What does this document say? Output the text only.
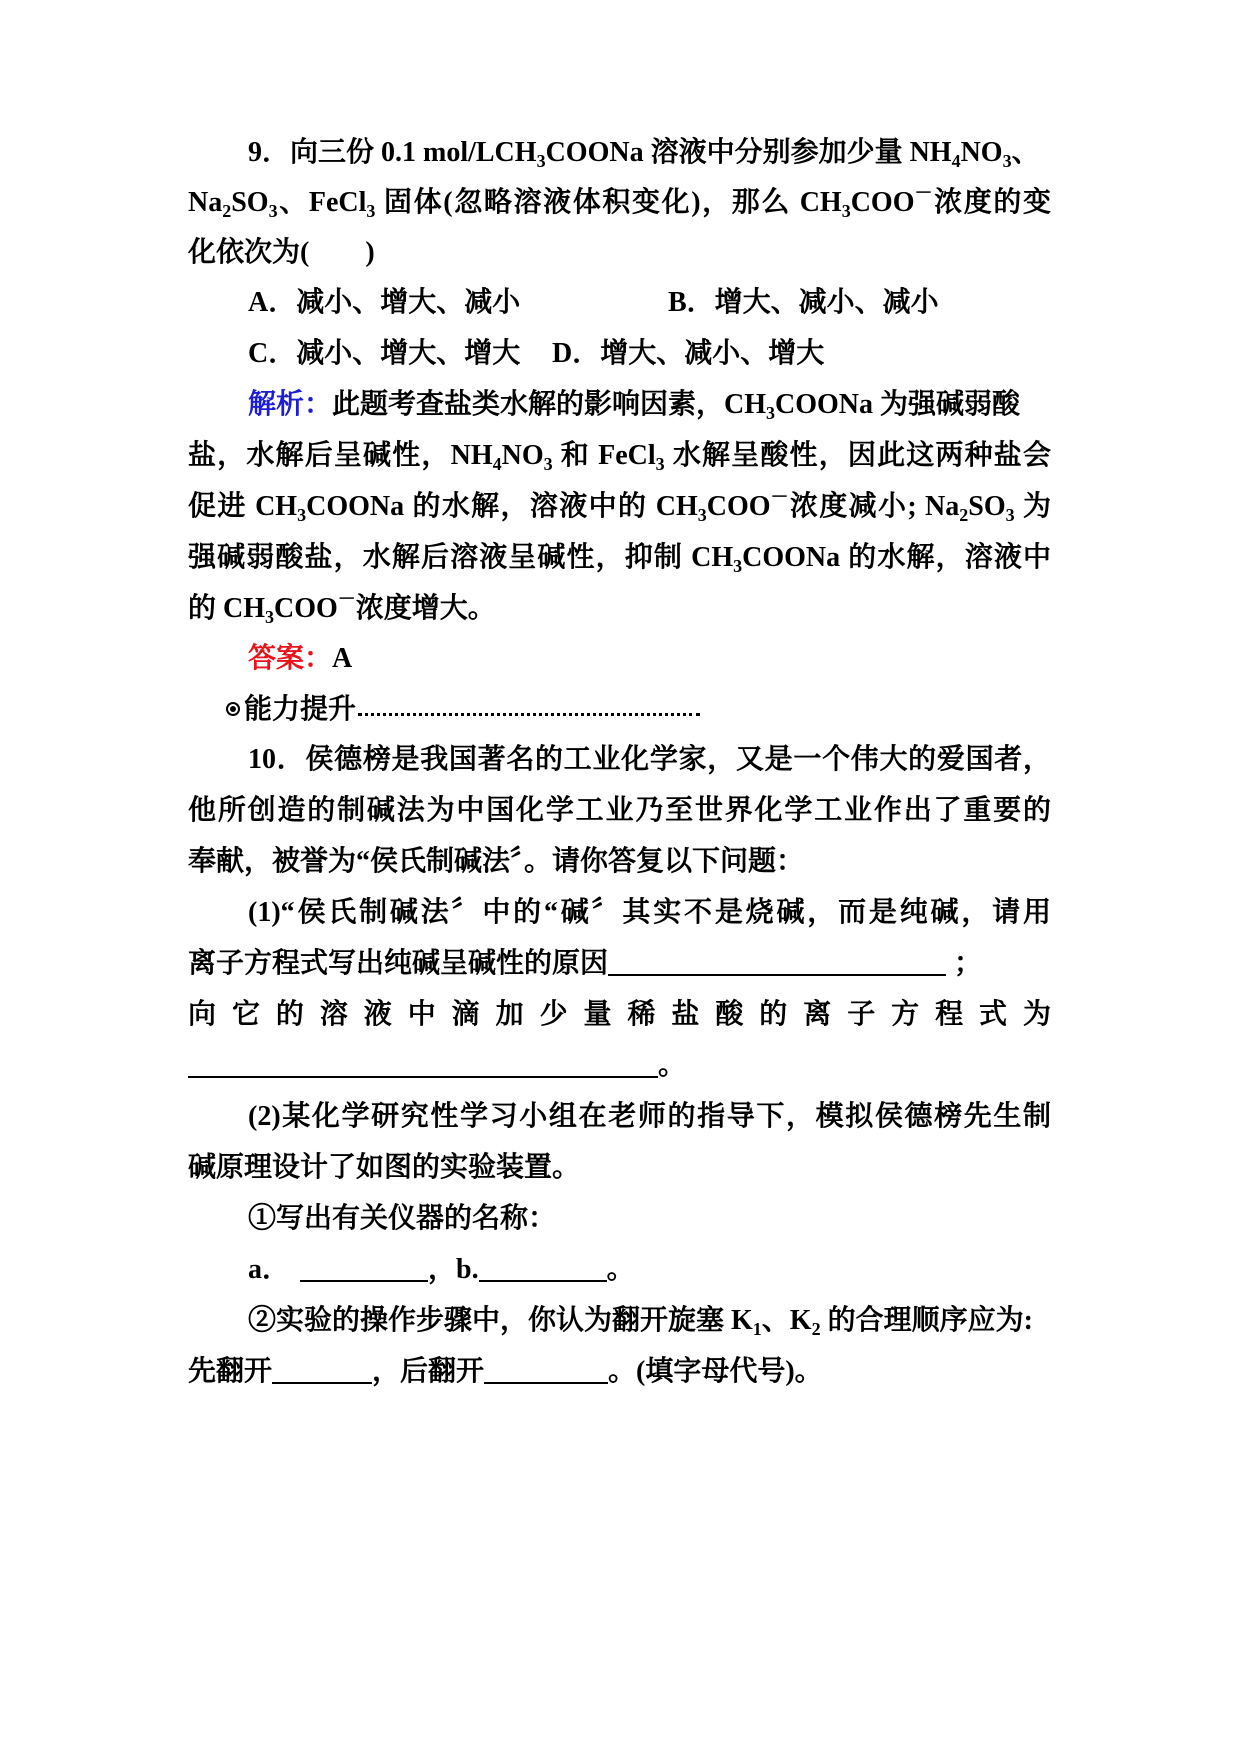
9．向三份 0.1 mol/$LCH_3COONa$ 溶液中分别参加少量 $NH_4NO_3$、
$Na_2SO_3$、FeCl$_3$ 固体(忽略溶液体积变化)，那么 $CH_3COO^-$浓度的变
化依次为(　　)
A．减小、增大、减小	B．增大、减小、减小
C．减小、增大、增大 D．增大、减小、增大
解析：此题考查盐类水解的影响因素，$CH_3COONa$ 为强碱弱酸
盐，水解后呈碱性，$NH_4NO_3$ 和 FeCl$_3$ 水解呈酸性，因此这两种盐会
促进 $CH_3COONa$ 的水解，溶液中的 $CH_3COO^-$浓度减小; $Na_2SO_3$ 为
强碱弱酸盐，水解后溶液呈碱性，抑制 $CH_3COONa$ 的水解，溶液中
的 $CH_3COO^-$浓度增大。
答案：A
能力提升
10．侯德榜是我国著名的工业化学家，又是一个伟大的爱国者，
他所创造的制碱法为中国化学工业乃至世界化学工业作出了重要的
奉献，被誉为“侯氏制碱法〞。请你答复以下问题：
(1)“侯氏制碱法〞中的“碱〞其实不是烧碱，而是纯碱，请用
离子方程式写出纯碱呈碱性的原因	；
向它的溶液中滴加少量稀盐酸的离子方程式为
。
(2)某化学研究性学习小组在老师的指导下，模拟侯德榜先生制
碱原理设计了如图的实验装置。
①写出有关仪器的名称：
a．	，b.	。
②实验的操作步骤中，你认为翻开旋塞 $K_1$、$K_2$ 的合理顺序应为:
先翻开	，后翻开	。(填字母代号)。
